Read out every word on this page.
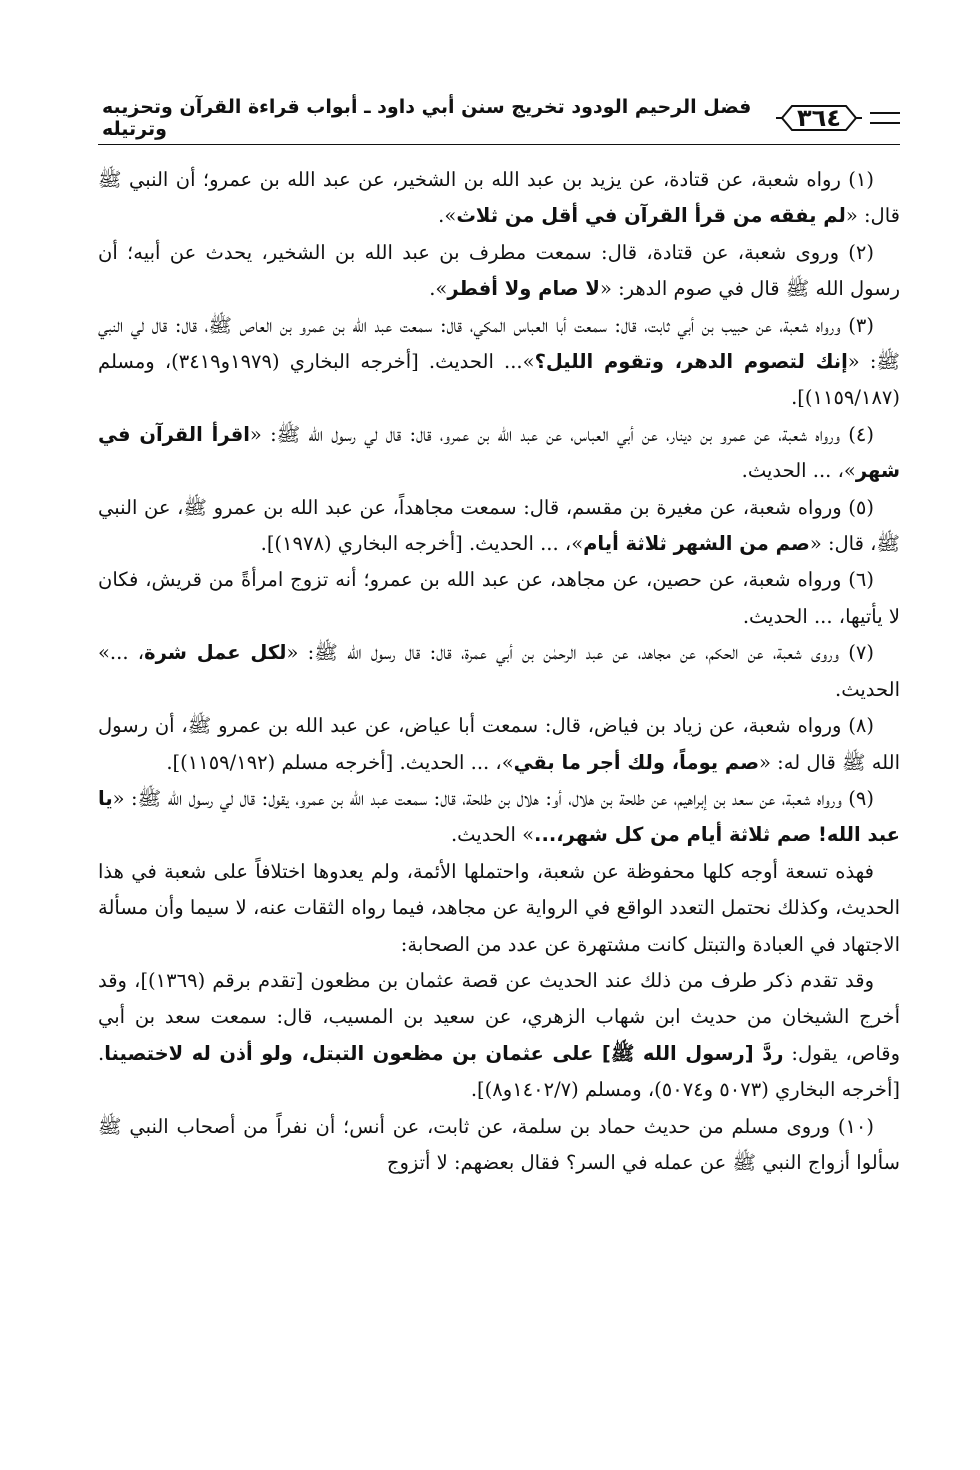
٣٦٤
فضل الرحيم الودود تخريج سنن أبي داود ـ أبواب قراءة القرآن وتحزيبه وترتيله

(١) رواه شعبة، عن قتادة، عن يزيد بن عبد الله بن الشخير، عن عبد الله بن عمرو؛ أن النبي ﷺ قال: «لم يفقه من قرأ القرآن في أقل من ثلاث».

(٢) وروى شعبة، عن قتادة، قال: سمعت مطرف بن عبد الله بن الشخير، يحدث عن أبيه؛ أن رسول الله ﷺ قال في صوم الدهر: «لا صام ولا أفطر».

(٣) ورواه شعبة، عن حبيب بن أبي ثابت، قال: سمعت أبا العباس المكي، قال: سمعت عبد الله بن عمرو بن العاص ﷺ، قال: قال لي النبي ﷺ: «إنك لتصوم الدهر، وتقوم الليل؟»... الحديث. [أخرجه البخاري (١٩٧٩و٣٤١٩)، ومسلم (١١٥٩/١٨٧)].

(٤) ورواه شعبة، عن عمرو بن دينار، عن أبي العباس، عن عبد الله بن عمرو، قال: قال لي رسول الله ﷺ: «اقرأ القرآن في شهر»، ... الحديث.

(٥) ورواه شعبة، عن مغيرة بن مقسم، قال: سمعت مجاهداً، عن عبد الله بن عمرو ﷺ، عن النبي ﷺ، قال: «صم من الشهر ثلاثة أيام»، ... الحديث. [أخرجه البخاري (١٩٧٨)].

(٦) ورواه شعبة، عن حصين، عن مجاهد، عن عبد الله بن عمرو؛ أنه تزوج امرأةً من قريش، فكان لا يأتيها، ... الحديث.

(٧) وروى شعبة، عن الحكم، عن مجاهد، عن عبد الرحمٰن بن أبي عمرة، قال: قال رسول الله ﷺ: «لكل عمل شرة، ...» الحديث.

(٨) ورواه شعبة، عن زياد بن فياض، قال: سمعت أبا عياض، عن عبد الله بن عمرو ﷺ، أن رسول الله ﷺ قال له: «صم يوماً، ولك أجر ما بقي»، ... الحديث. [أخرجه مسلم (١١٥٩/١٩٢)].

(٩) ورواه شعبة، عن سعد بن إبراهيم، عن طلحة بن هلال، أو: هلال بن طلحة، قال: سمعت عبد الله بن عمرو، يقول: قال لي رسول الله ﷺ: «يا عبد الله! صم ثلاثة أيام من كل شهر،...» الحديث.

فهذه تسعة أوجه كلها محفوظة عن شعبة، واحتملها الأئمة، ولم يعدوها اختلافاً على شعبة في هذا الحديث، وكذلك نحتمل التعدد الواقع في الرواية عن مجاهد، فيما رواه الثقات عنه، لا سيما وأن مسألة الاجتهاد في العبادة والتبتل كانت مشتهرة عن عدد من الصحابة:

وقد تقدم ذكر طرف من ذلك عند الحديث عن قصة عثمان بن مظعون [تقدم برقم (١٣٦٩)]، وقد أخرج الشيخان من حديث ابن شهاب الزهري، عن سعيد بن المسيب، قال: سمعت سعد بن أبي وقاص، يقول: ردَّ [رسول الله ﷺ] على عثمان بن مظعون التبتل، ولو أذن له لاختصينا. [أخرجه البخاري (٥٠٧٣ و٥٠٧٤)، ومسلم (١٤٠٢/٧و٨)].

(١٠) وروى مسلم من حديث حماد بن سلمة، عن ثابت، عن أنس؛ أن نفراً من أصحاب النبي ﷺ سألوا أزواج النبي ﷺ عن عمله في السر؟ فقال بعضهم: لا أتزوج
